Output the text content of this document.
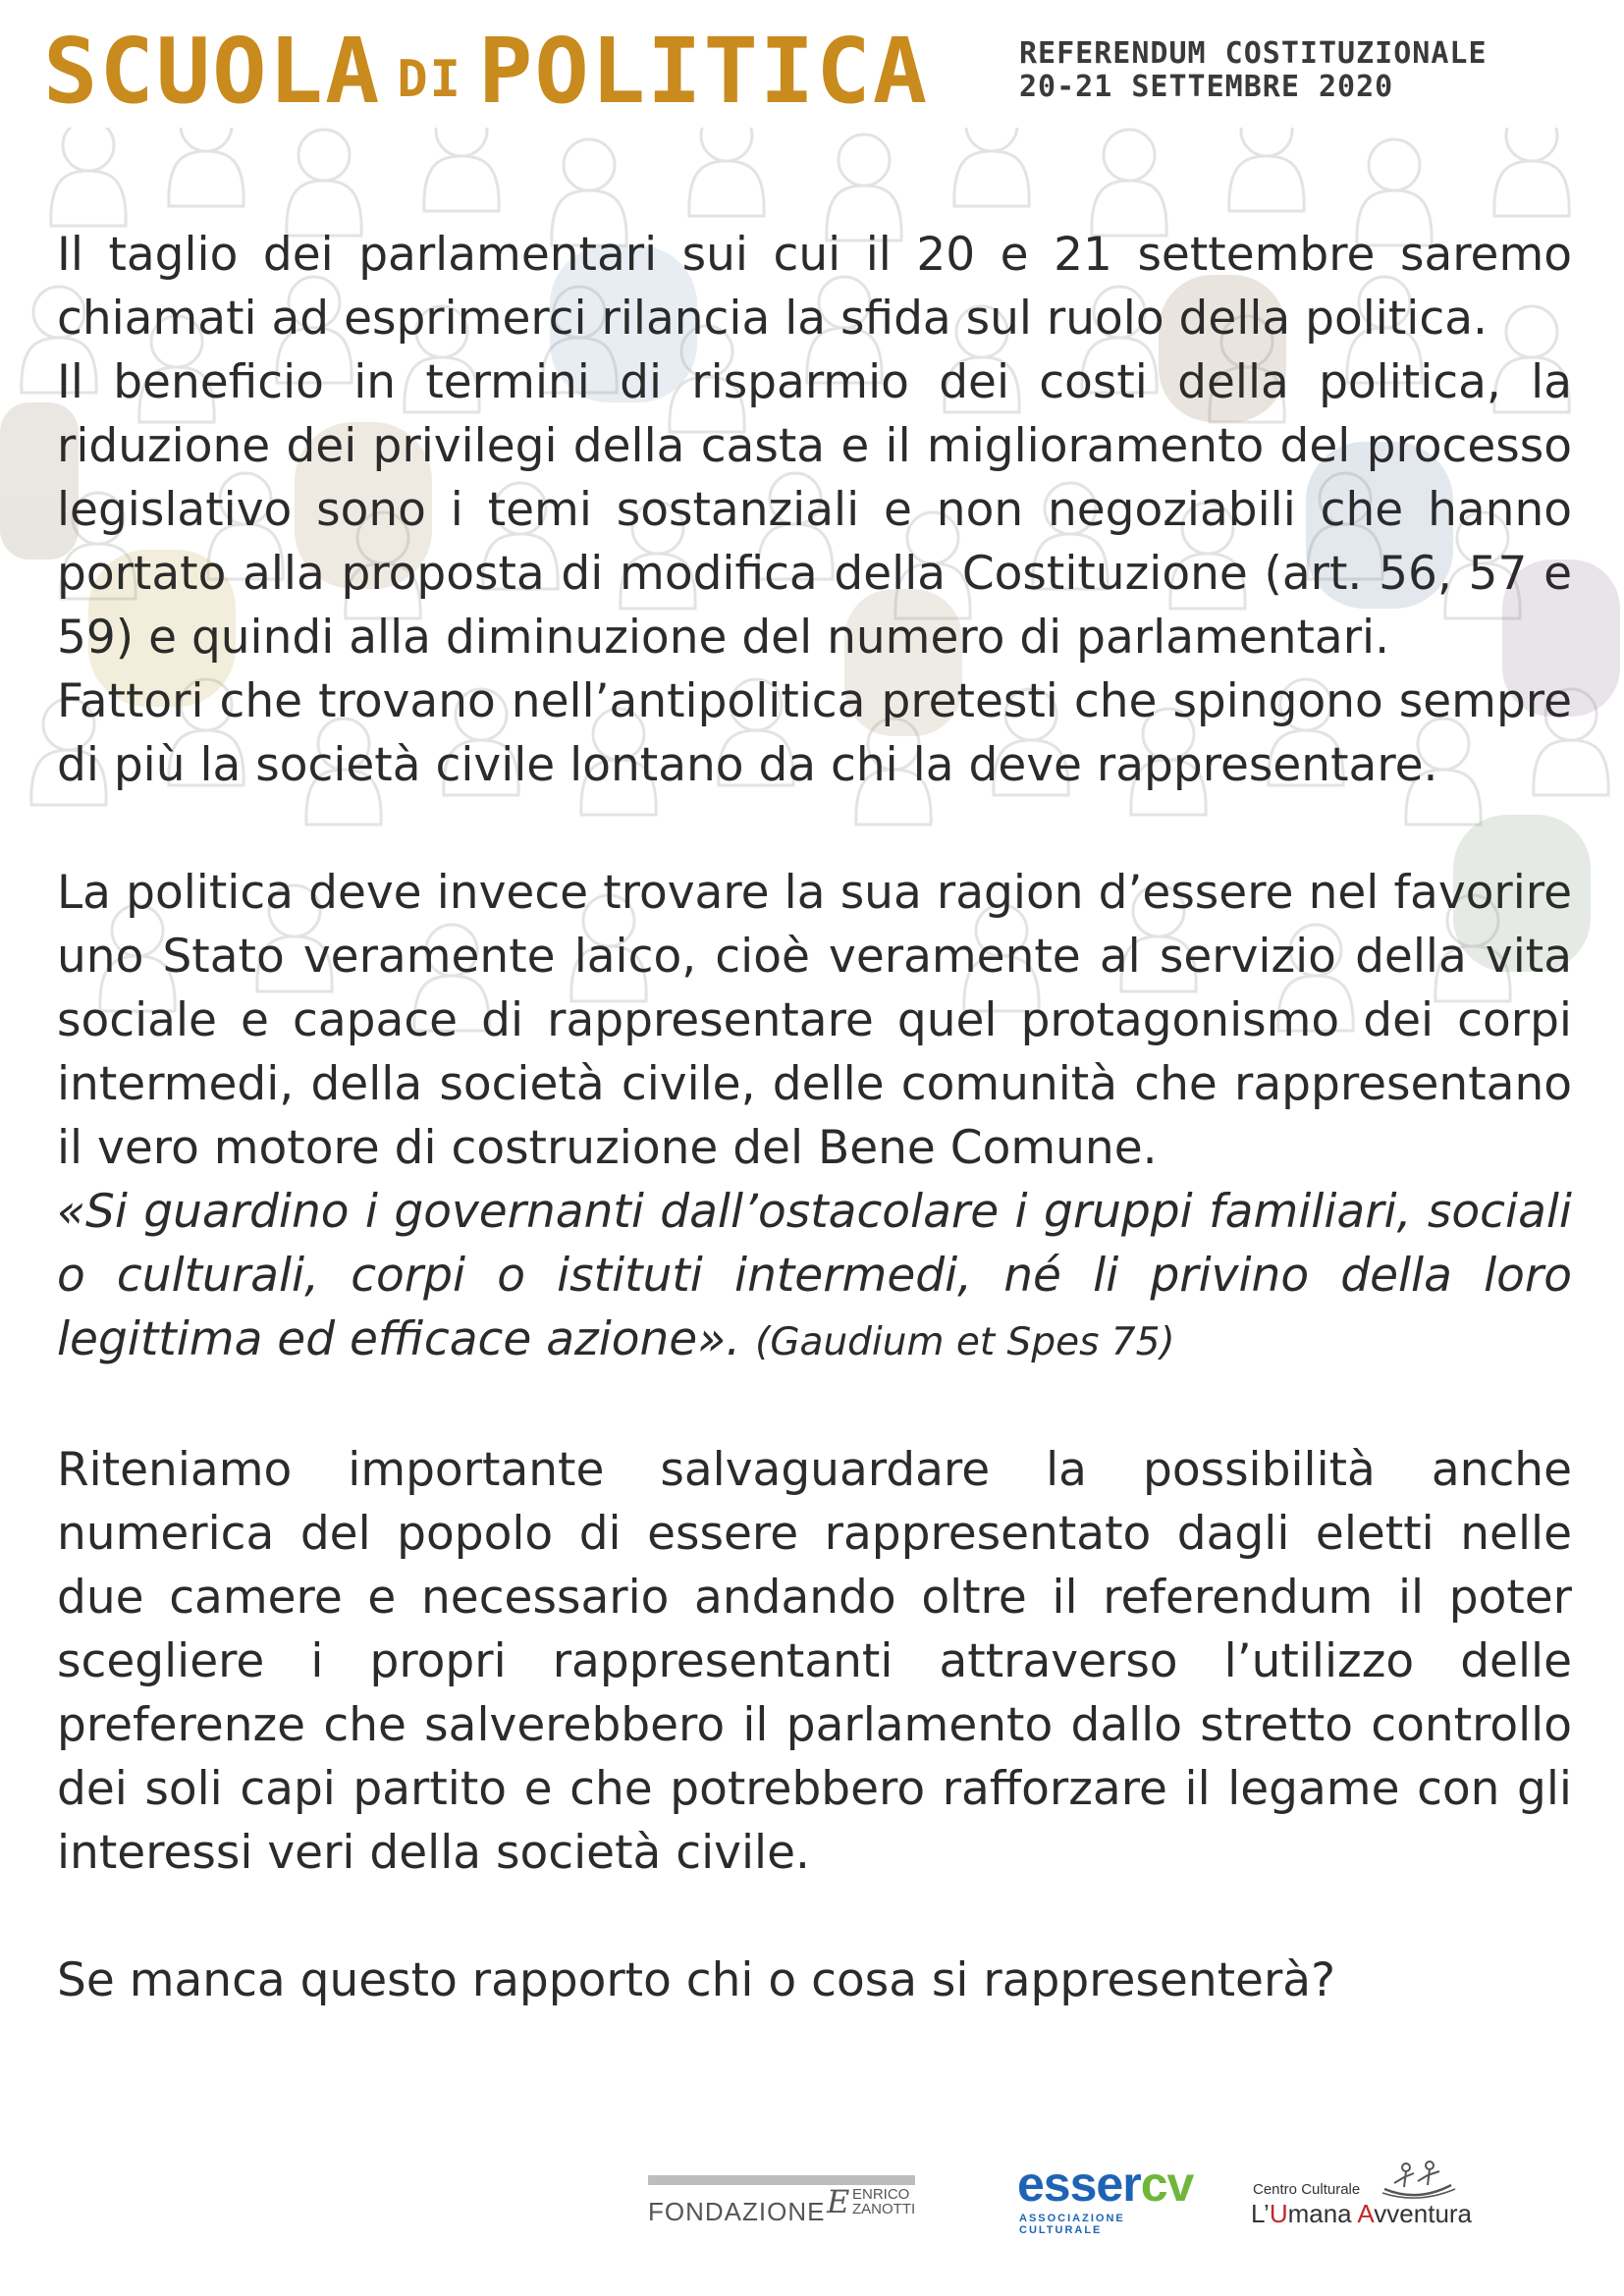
SCUOLA DI POLITICA	REFERENDUM COSTITUZIONALE
20-21 SETTEMBRE 2020

Il taglio dei parlamentari sui cui il 20 e 21 settembre saremo chiamati ad esprimerci rilancia la sfida sul ruolo della politica.

Il beneficio in termini di risparmio dei costi della politica, la riduzione dei privilegi della casta e il miglioramento del processo legislativo sono i temi sostanziali e non negoziabili che hanno portato alla proposta di modifica della Costituzione (art. 56, 57 e 59) e quindi alla diminuzione del numero di parlamentari.

Fattori che trovano nell’antipolitica pretesti che spingono sempre di più la società civile lontano da chi la deve rappresentare.

La politica deve invece trovare la sua ragion d’essere nel favorire uno Stato veramente laico, cioè veramente al servizio della vita sociale e capace di rappresentare quel protagonismo dei corpi intermedi, della società civile, delle comunità che rappresentano il vero motore di costruzione del Bene Comune.

«Si guardino i governanti dall’ostacolare i gruppi familiari, sociali o culturali, corpi o istituti intermedi, né li privino della loro legittima ed efficace azione». (Gaudium et Spes 75)

Riteniamo importante salvaguardare la possibilità anche numerica del popolo di essere rappresentato dagli eletti nelle due camere e necessario andando oltre il referendum il poter scegliere i propri rappresentanti attraverso l’utilizzo delle preferenze che salverebbero il parlamento dallo stretto controllo dei soli capi partito e che potrebbero rafforzare il legame con gli interessi veri della società civile.

Se manca questo rapporto chi o cosa si rappresenterà?

FONDAZIONE E ENRICO
ZANOTTI essercv
ASSOCIAZIONE CULTURALE
Centro Culturale
L’Umana Avventura
